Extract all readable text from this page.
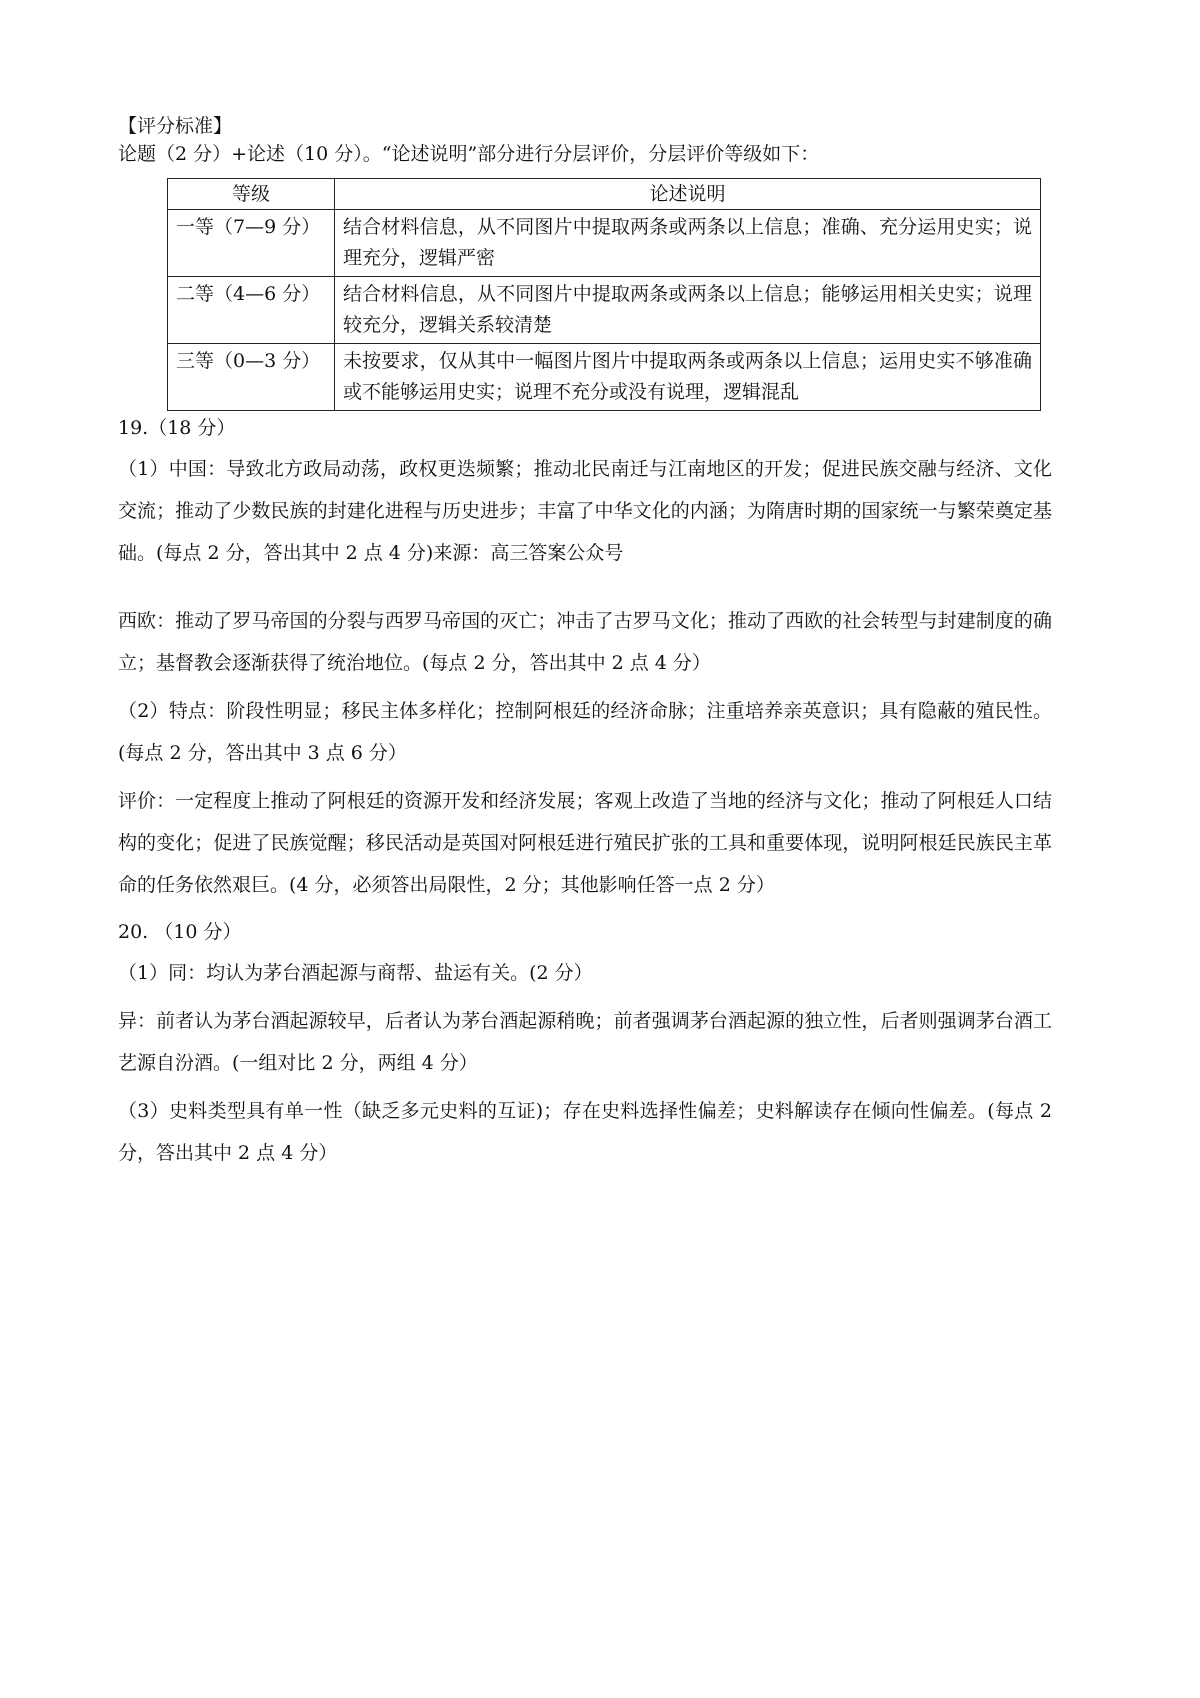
【评分标准】
论题（2 分）+论述（10 分）。“论述说明”部分进行分层评价，分层评价等级如下：
等级	论述说明
一等（7—9 分）	结合材料信息，从不同图片中提取两条或两条以上信息；准确、充分运用史实；说理充分，逻辑严密
二等（4—6 分）	结合材料信息，从不同图片中提取两条或两条以上信息；能够运用相关史实；说理较充分，逻辑关系较清楚
三等（0—3 分）	未按要求，仅从其中一幅图片图片中提取两条或两条以上信息；运用史实不够准确或不能够运用史实；说理不充分或没有说理，逻辑混乱
19.（18 分）
（1）中国：导致北方政局动荡，政权更迭频繁；推动北民南迁与江南地区的开发；促进民族交融与经济、文化交流；推动了少数民族的封建化进程与历史进步；丰富了中华文化的内涵；为隋唐时期的国家统一与繁荣奠定基础。(每点 2 分，答出其中 2 点 4 分)来源：高三答案公众号
西欧：推动了罗马帝国的分裂与西罗马帝国的灭亡；冲击了古罗马文化；推动了西欧的社会转型与封建制度的确立；基督教会逐渐获得了统治地位。(每点 2 分，答出其中 2 点 4 分）
（2）特点：阶段性明显；移民主体多样化；控制阿根廷的经济命脉；注重培养亲英意识；具有隐蔽的殖民性。(每点 2 分，答出其中 3 点 6 分）
评价：一定程度上推动了阿根廷的资源开发和经济发展；客观上改造了当地的经济与文化；推动了阿根廷人口结构的变化；促进了民族觉醒；移民活动是英国对阿根廷进行殖民扩张的工具和重要体现，说明阿根廷民族民主革命的任务依然艰巨。(4 分，必须答出局限性，2 分；其他影响任答一点 2 分）
20. （10 分）
（1）同：均认为茅台酒起源与商帮、盐运有关。(2 分）
异：前者认为茅台酒起源较早，后者认为茅台酒起源稍晚；前者强调茅台酒起源的独立性，后者则强调茅台酒工艺源自汾酒。(一组对比 2 分，两组 4 分）
（3）史料类型具有单一性（缺乏多元史料的互证)；存在史料选择性偏差；史料解读存在倾向性偏差。(每点 2 分，答出其中 2 点 4 分）
